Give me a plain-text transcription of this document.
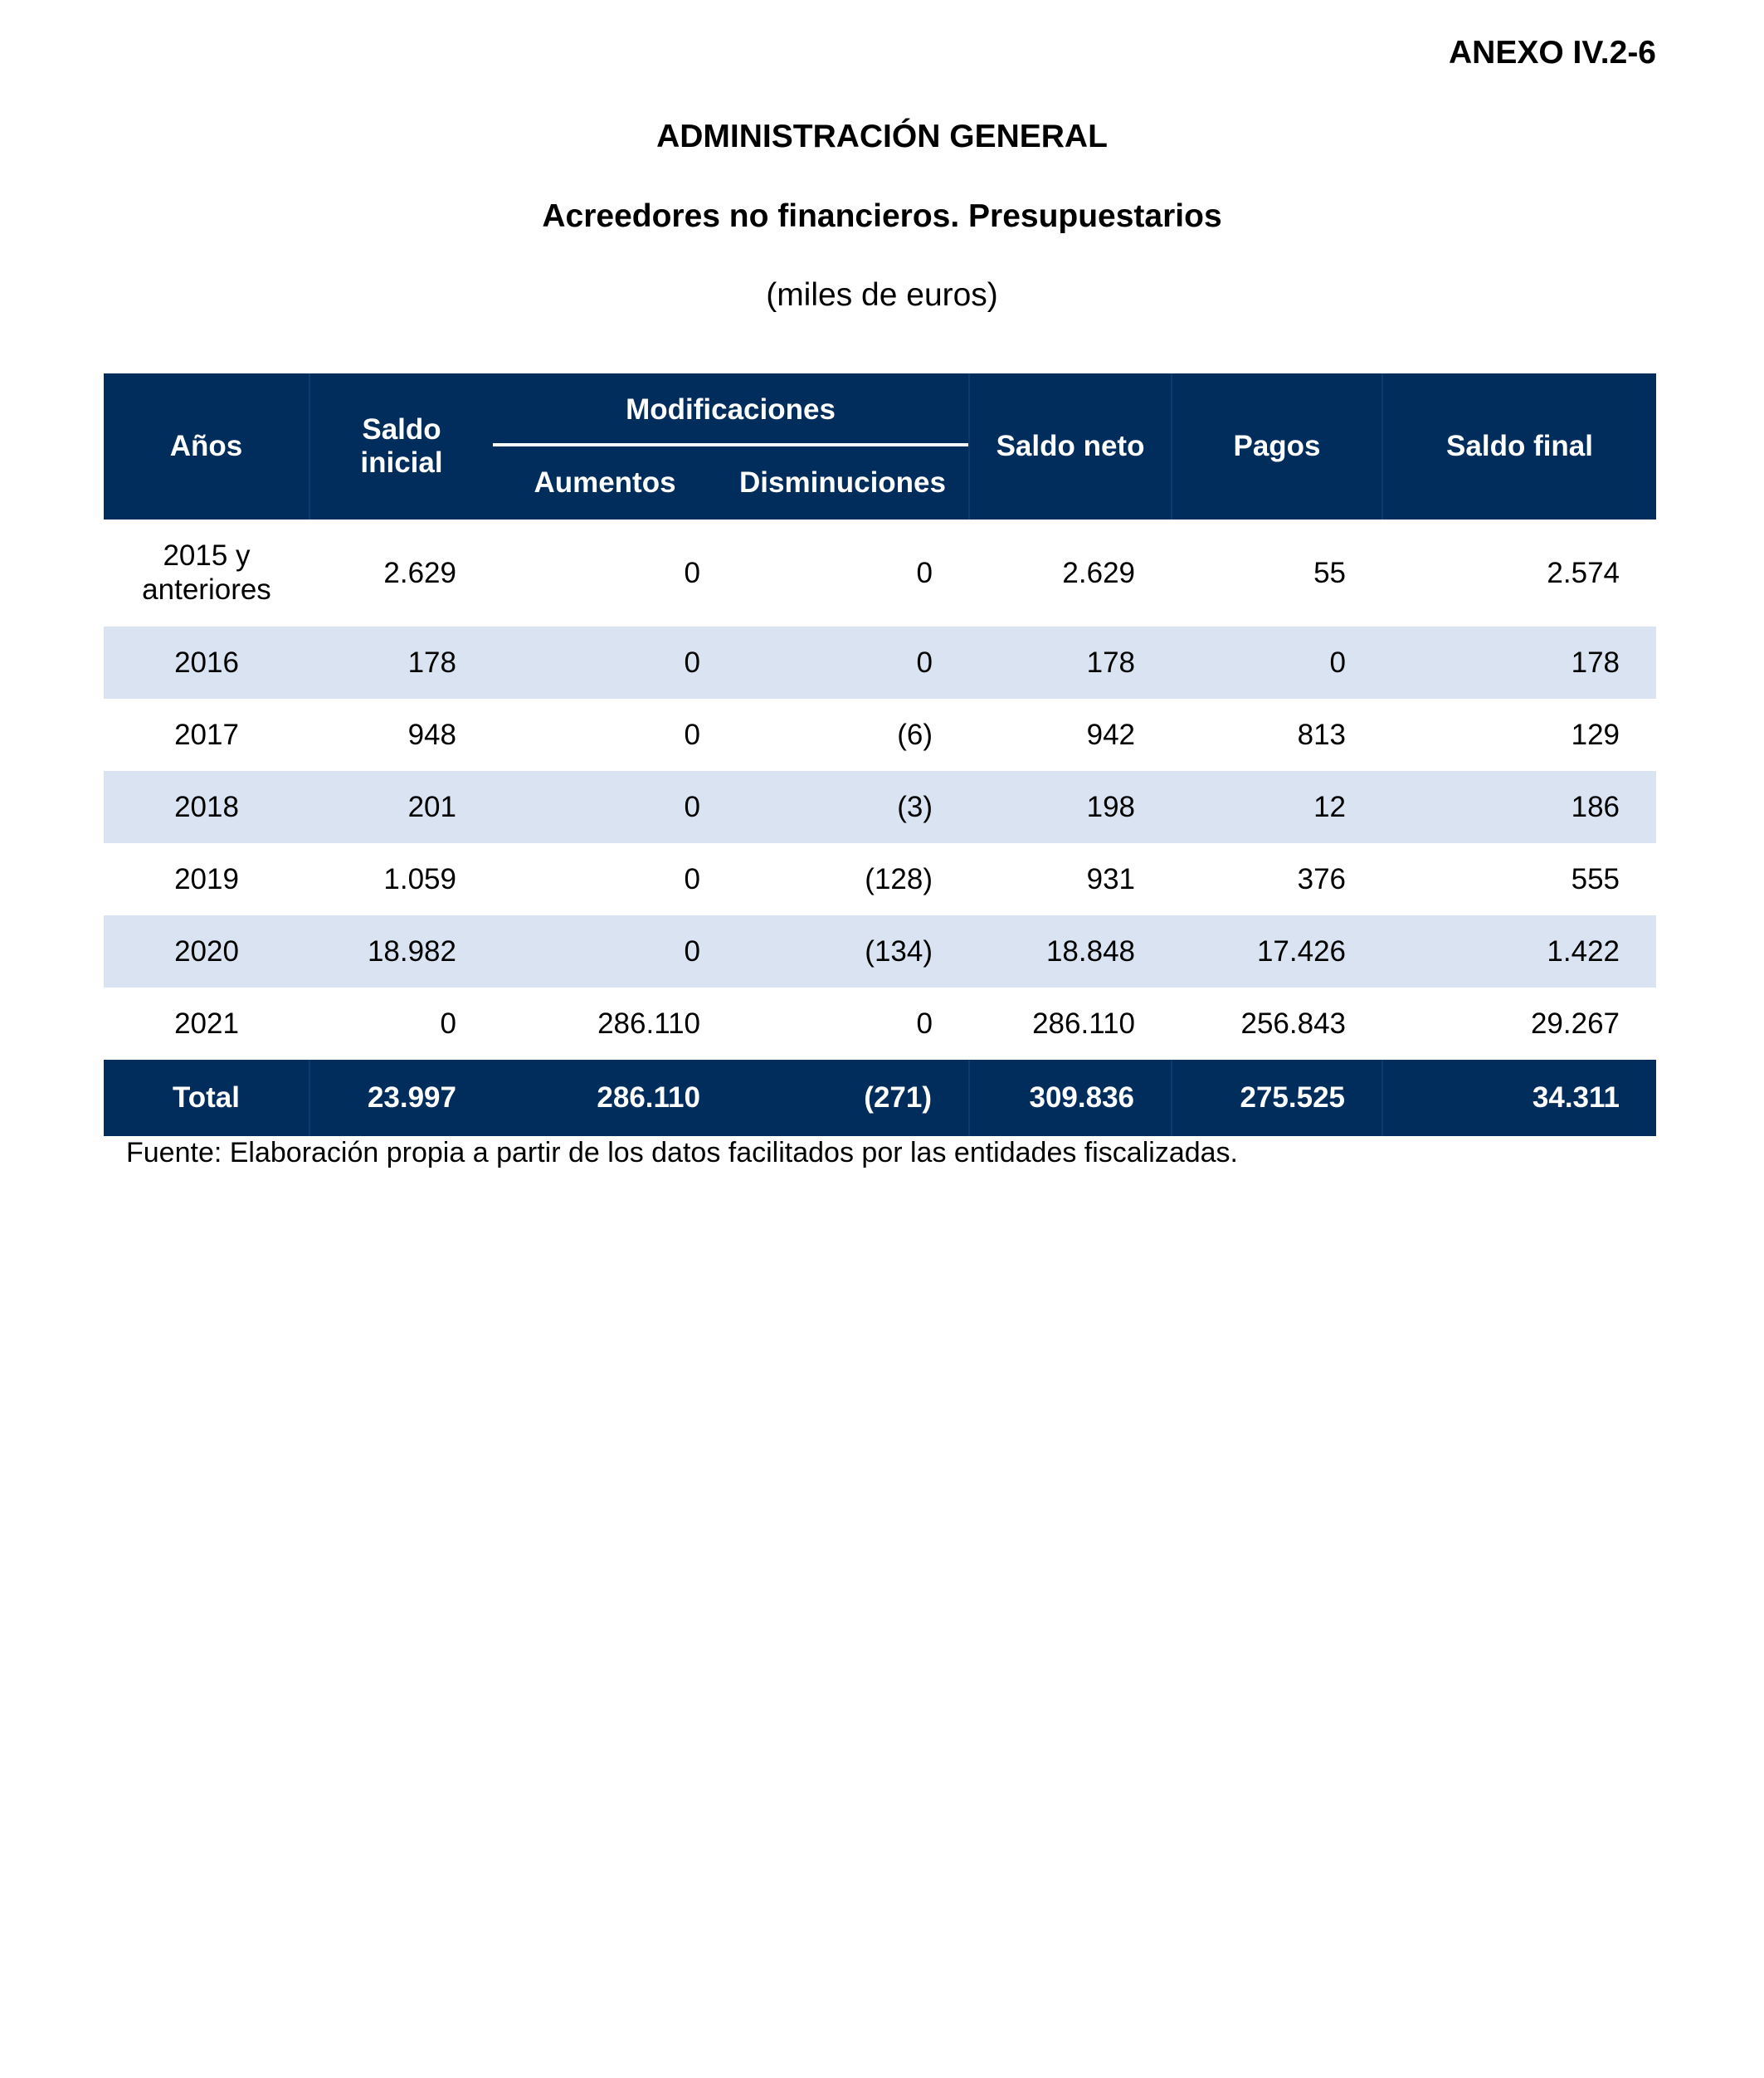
ANEXO IV.2-6
ADMINISTRACIÓN GENERAL
Acreedores no financieros. Presupuestarios

(miles de euros)

Años	Saldo inicial	Modificaciones		Saldo neto	Pagos	Saldo final
		Aumentos	Disminuciones			
2015 y anteriores	2.629	0	0	2.629	55	2.574
2016	178	0	0	178	0	178
2017	948	0	(6)	942	813	129
2018	201	0	(3)	198	12	186
2019	1.059	0	(128)	931	376	555
2020	18.982	0	(134)	18.848	17.426	1.422
2021	0	286.110	0	286.110	256.843	29.267
Total	23.997	286.110	(271)	309.836	275.525	34.311

Fuente: Elaboración propia a partir de los datos facilitados por las entidades fiscalizadas.
